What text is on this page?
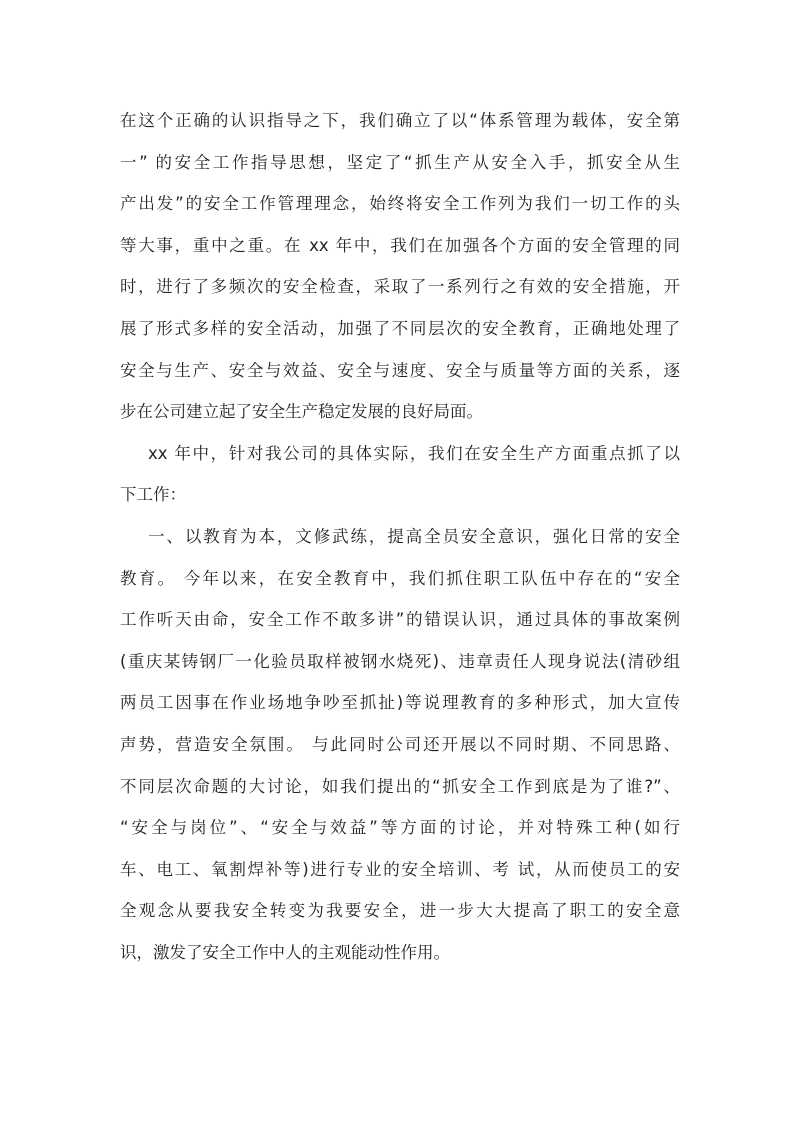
在这个正确的认识指导之下，我们确立了以“体系管理为载体，安全第
一” 的安全工作指导思想，坚定了“抓生产从安全入手，抓安全从生
产出发”的安全工作管理理念，始终将安全工作列为我们一切工作的头
等大事，重中之重。在 xx 年中，我们在加强各个方面的安全管理的同
时，进行了多频次的安全检查，采取了一系列行之有效的安全措施，开
展了形式多样的安全活动，加强了不同层次的安全教育，正确地处理了
安全与生产、安全与效益、安全与速度、安全与质量等方面的关系，逐
步在公司建立起了安全生产稳定发展的良好局面。
xx 年中，针对我公司的具体实际，我们在安全生产方面重点抓了以
下工作：
一、以教育为本，文修武练，提高全员安全意识，强化日常的安全
教育。 今年以来，在安全教育中，我们抓住职工队伍中存在的“安全
工作听天由命，安全工作不敢多讲”的错误认识，通过具体的事故案例
(重庆某铸钢厂一化验员取样被钢水烧死)、违章责任人现身说法(清砂组
两员工因事在作业场地争吵至抓扯)等说理教育的多种形式，加大宣传
声势，营造安全氛围。 与此同时公司还开展以不同时期、不同思路、
不同层次命题的大讨论，如我们提出的“抓安全工作到底是为了谁?”、
“安全与岗位”、“安全与效益”等方面的讨论，并对特殊工种(如行
车、电工、氧割焊补等)进行专业的安全培训、考 试，从而使员工的安
全观念从要我安全转变为我要安全，进一步大大提高了职工的安全意
识，激发了安全工作中人的主观能动性作用。
